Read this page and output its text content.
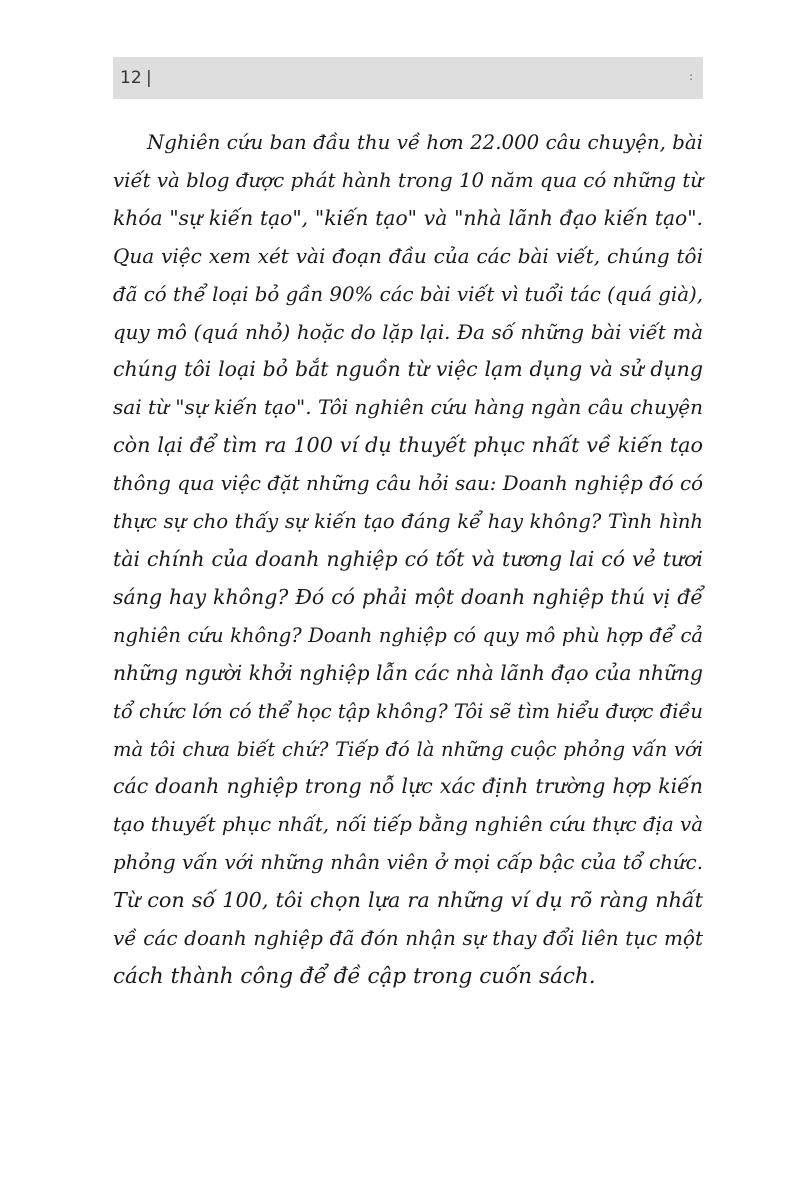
12 |	:

Nghiên cứu ban đầu thu về hơn 22.000 câu chuyện, bài
viết và blog được phát hành trong 10 năm qua có những từ
khóa "sự kiến tạo", "kiến tạo" và "nhà lãnh đạo kiến tạo".
Qua việc xem xét vài đoạn đầu của các bài viết, chúng tôi
đã có thể loại bỏ gần 90% các bài viết vì tuổi tác (quá già),
quy mô (quá nhỏ) hoặc do lặp lại. Đa số những bài viết mà
chúng tôi loại bỏ bắt nguồn từ việc lạm dụng và sử dụng
sai từ "sự kiến tạo". Tôi nghiên cứu hàng ngàn câu chuyện
còn lại để tìm ra 100 ví dụ thuyết phục nhất về kiến tạo
thông qua việc đặt những câu hỏi sau: Doanh nghiệp đó có
thực sự cho thấy sự kiến tạo đáng kể hay không? Tình hình
tài chính của doanh nghiệp có tốt và tương lai có vẻ tươi
sáng hay không? Đó có phải một doanh nghiệp thú vị để
nghiên cứu không? Doanh nghiệp có quy mô phù hợp để cả
những người khởi nghiệp lẫn các nhà lãnh đạo của những
tổ chức lớn có thể học tập không? Tôi sẽ tìm hiểu được điều
mà tôi chưa biết chứ? Tiếp đó là những cuộc phỏng vấn với
các doanh nghiệp trong nỗ lực xác định trường hợp kiến
tạo thuyết phục nhất, nối tiếp bằng nghiên cứu thực địa và
phỏng vấn với những nhân viên ở mọi cấp bậc của tổ chức.
Từ con số 100, tôi chọn lựa ra những ví dụ rõ ràng nhất
về các doanh nghiệp đã đón nhận sự thay đổi liên tục một
cách thành công để đề cập trong cuốn sách.
